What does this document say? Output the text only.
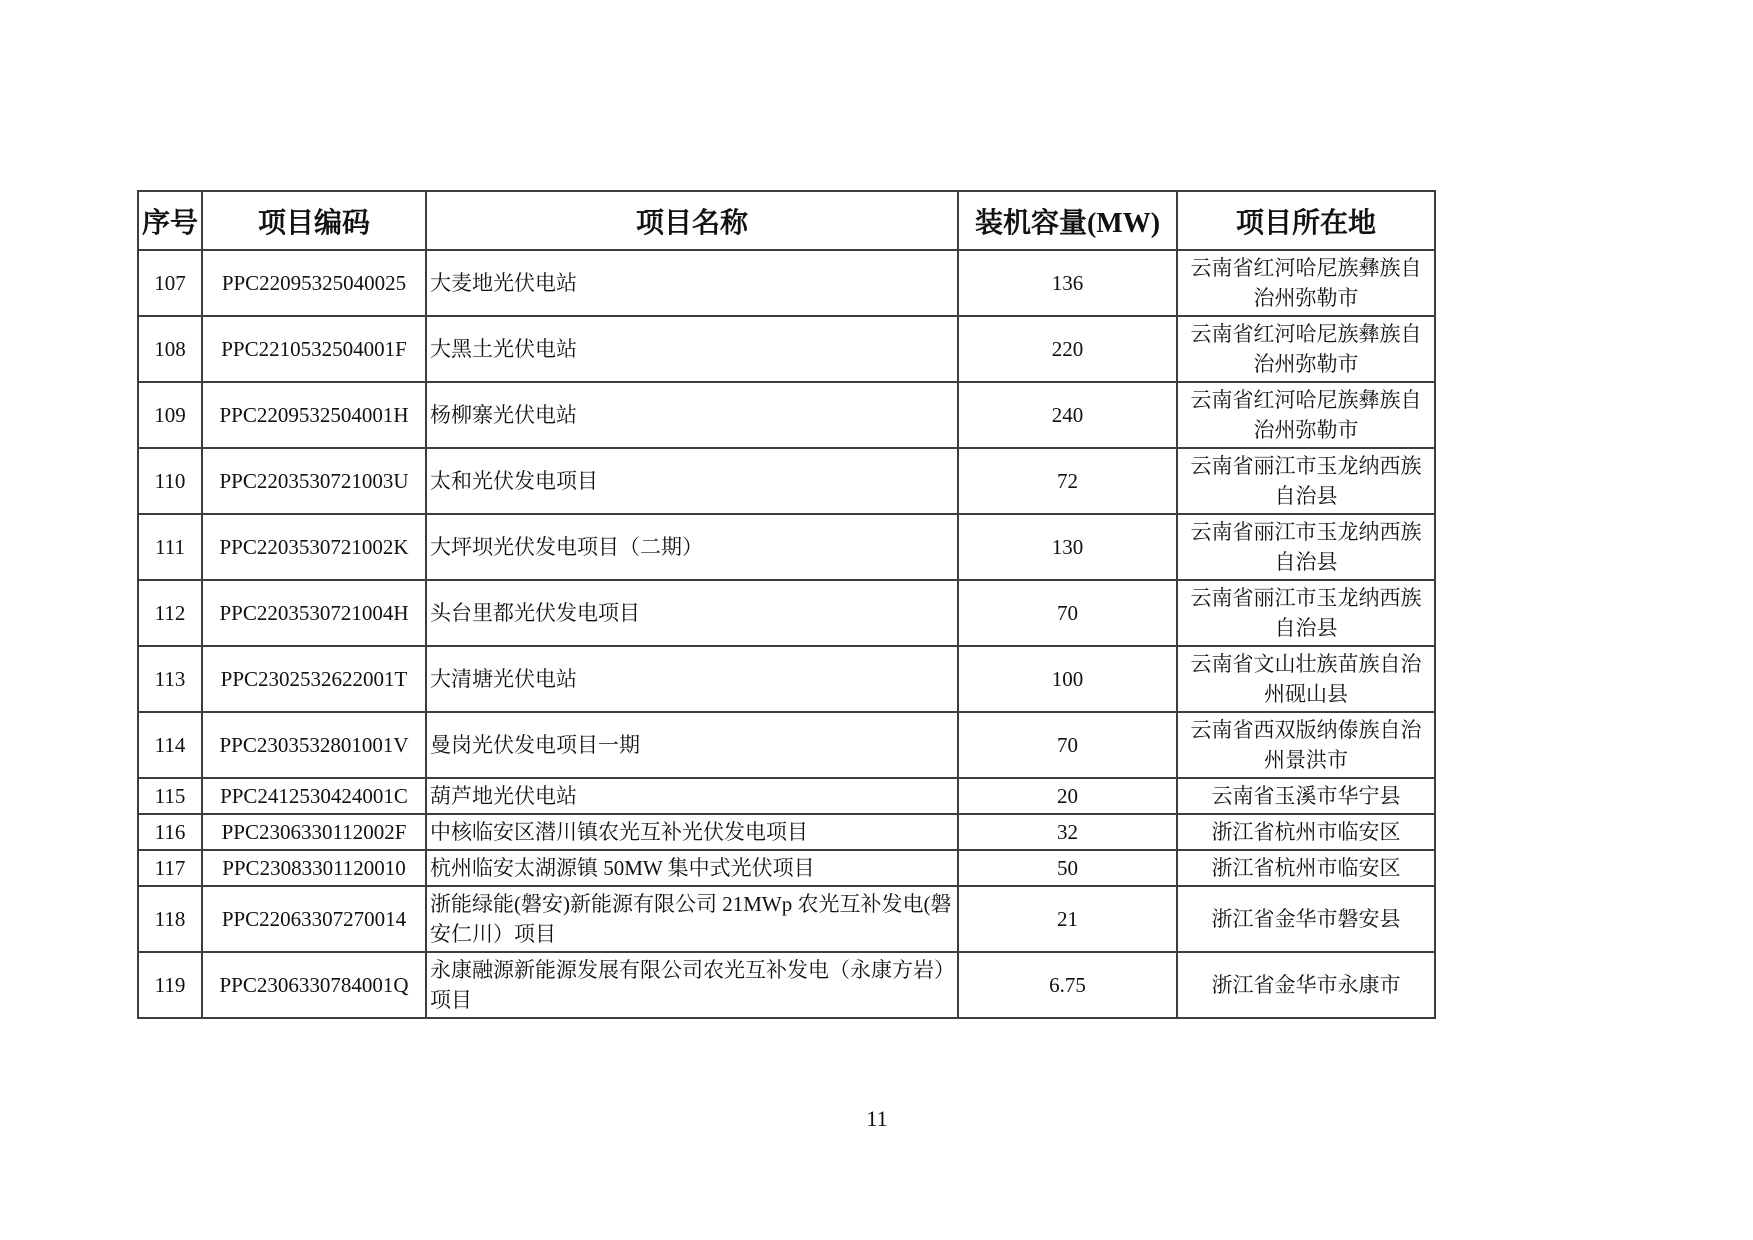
序号	项目编码	项目名称	装机容量(MW)	项目所在地
107	PPC22095325040025	大麦地光伏电站	136	云南省红河哈尼族彝族自治州弥勒市
108	PPC2210532504001F	大黑土光伏电站	220	云南省红河哈尼族彝族自治州弥勒市
109	PPC2209532504001H	杨柳寨光伏电站	240	云南省红河哈尼族彝族自治州弥勒市
110	PPC2203530721003U	太和光伏发电项目	72	云南省丽江市玉龙纳西族自治县
111	PPC2203530721002K	大坪坝光伏发电项目（二期）	130	云南省丽江市玉龙纳西族自治县
112	PPC2203530721004H	头台里都光伏发电项目	70	云南省丽江市玉龙纳西族自治县
113	PPC2302532622001T	大清塘光伏电站	100	云南省文山壮族苗族自治州砚山县
114	PPC2303532801001V	曼岗光伏发电项目一期	70	云南省西双版纳傣族自治州景洪市
115	PPC2412530424001C	葫芦地光伏电站	20	云南省玉溪市华宁县
116	PPC2306330112002F	中核临安区潜川镇农光互补光伏发电项目	32	浙江省杭州市临安区
117	PPC23083301120010	杭州临安太湖源镇 50MW 集中式光伏项目	50	浙江省杭州市临安区
118	PPC22063307270014	浙能绿能(磐安)新能源有限公司 21MWp 农光互补发电(磐安仁川）项目	21	浙江省金华市磐安县
119	PPC2306330784001Q	永康融源新能源发展有限公司农光互补发电（永康方岩）项目	6.75	浙江省金华市永康市
11
